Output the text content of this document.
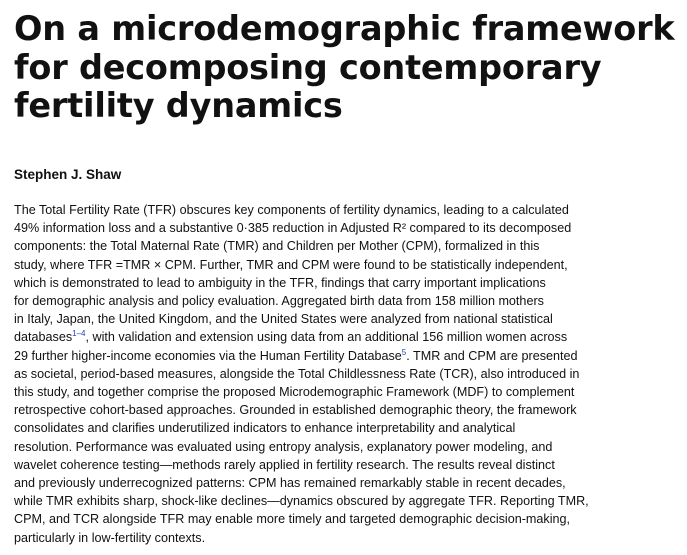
On a microdemographic framework
for decomposing contemporary
fertility dynamics

Stephen J. Shaw

The Total Fertility Rate (TFR) obscures key components of fertility dynamics, leading to a calculated
49% information loss and a substantive 0·385 reduction in Adjusted R² compared to its decomposed
components: the Total Maternal Rate (TMR) and Children per Mother (CPM), formalized in this
study, where TFR =TMR × CPM. Further, TMR and CPM were found to be statistically independent,
which is demonstrated to lead to ambiguity in the TFR, findings that carry important implications
for demographic analysis and policy evaluation. Aggregated birth data from 158 million mothers
in Italy, Japan, the United Kingdom, and the United States were analyzed from national statistical
databases$^{1-4}$, with validation and extension using data from an additional 156 million women across
29 further higher-income economies via the Human Fertility Database$^5$. TMR and CPM are presented
as societal, period-based measures, alongside the Total Childlessness Rate (TCR), also introduced in
this study, and together comprise the proposed Microdemographic Framework (MDF) to complement
retrospective cohort-based approaches. Grounded in established demographic theory, the framework
consolidates and clarifies underutilized indicators to enhance interpretability and analytical
resolution. Performance was evaluated using entropy analysis, explanatory power modeling, and
wavelet coherence testing—methods rarely applied in fertility research. The results reveal distinct
and previously underrecognized patterns: CPM has remained remarkably stable in recent decades,
while TMR exhibits sharp, shock-like declines—dynamics obscured by aggregate TFR. Reporting TMR,
CPM, and TCR alongside TFR may enable more timely and targeted demographic decision-making,
particularly in low-fertility contexts.
